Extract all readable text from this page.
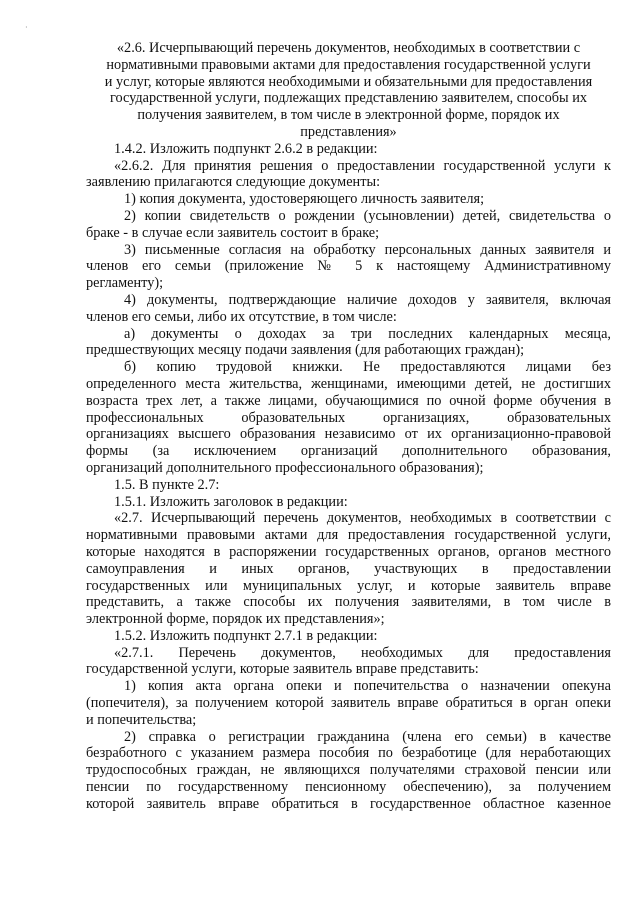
·

«2.6. Исчерпывающий перечень документов, необходимых в соответствии с

нормативными правовыми актами для предоставления государственной услуги

и услуг, которые являются необходимыми и обязательными для предоставления

государственной услуги, подлежащих представлению заявителем, способы их

получения заявителем, в том числе в электронной форме, порядок их

представления»

1.4.2. Изложить подпункт 2.6.2 в редакции:

«2.6.2. Для принятия решения о предоставлении государственной услуги к

заявлению прилагаются следующие документы:

1) копия документа, удостоверяющего личность заявителя;

2) копии свидетельств о рождении (усыновлении) детей, свидетельства о

браке - в случае если заявитель состоит в браке;

3) письменные согласия на обработку персональных данных заявителя и

членов его семьи (приложение № 5 к настоящему Административному

регламенту);

4) документы, подтверждающие наличие доходов у заявителя, включая

членов его семьи, либо их отсутствие, в том числе:

а) документы о доходах за три последних календарных месяца,

предшествующих месяцу подачи заявления (для работающих граждан);

б) копию трудовой книжки. Не предоставляются лицами без

определенного места жительства, женщинами, имеющими детей, не достигших

возраста трех лет, а также лицами, обучающимися по очной форме обучения в

профессиональных образовательных организациях, образовательных

организациях высшего образования независимо от их организационно-правовой

формы (за исключением организаций дополнительного образования,

организаций дополнительного профессионального образования);

1.5. В пункте 2.7:

1.5.1. Изложить заголовок в редакции:

«2.7. Исчерпывающий перечень документов, необходимых в соответствии с

нормативными правовыми актами для предоставления государственной услуги,

которые находятся в распоряжении государственных органов, органов местного

самоуправления и иных органов, участвующих в предоставлении

государственных или муниципальных услуг, и которые заявитель вправе

представить, а также способы их получения заявителями, в том числе в

электронной форме, порядок их представления»;

1.5.2. Изложить подпункт 2.7.1 в редакции:

«2.7.1. Перечень документов, необходимых для предоставления

государственной услуги, которые заявитель вправе представить:

1) копия акта органа опеки и попечительства о назначении опекуна

(попечителя), за получением которой заявитель вправе обратиться в орган опеки

и попечительства;

2) справка о регистрации гражданина (члена его семьи) в качестве

безработного с указанием размера пособия по безработице (для неработающих

трудоспособных граждан, не являющихся получателями страховой пенсии или

пенсии по государственному пенсионному обеспечению), за получением

которой заявитель вправе обратиться в государственное областное казенное
